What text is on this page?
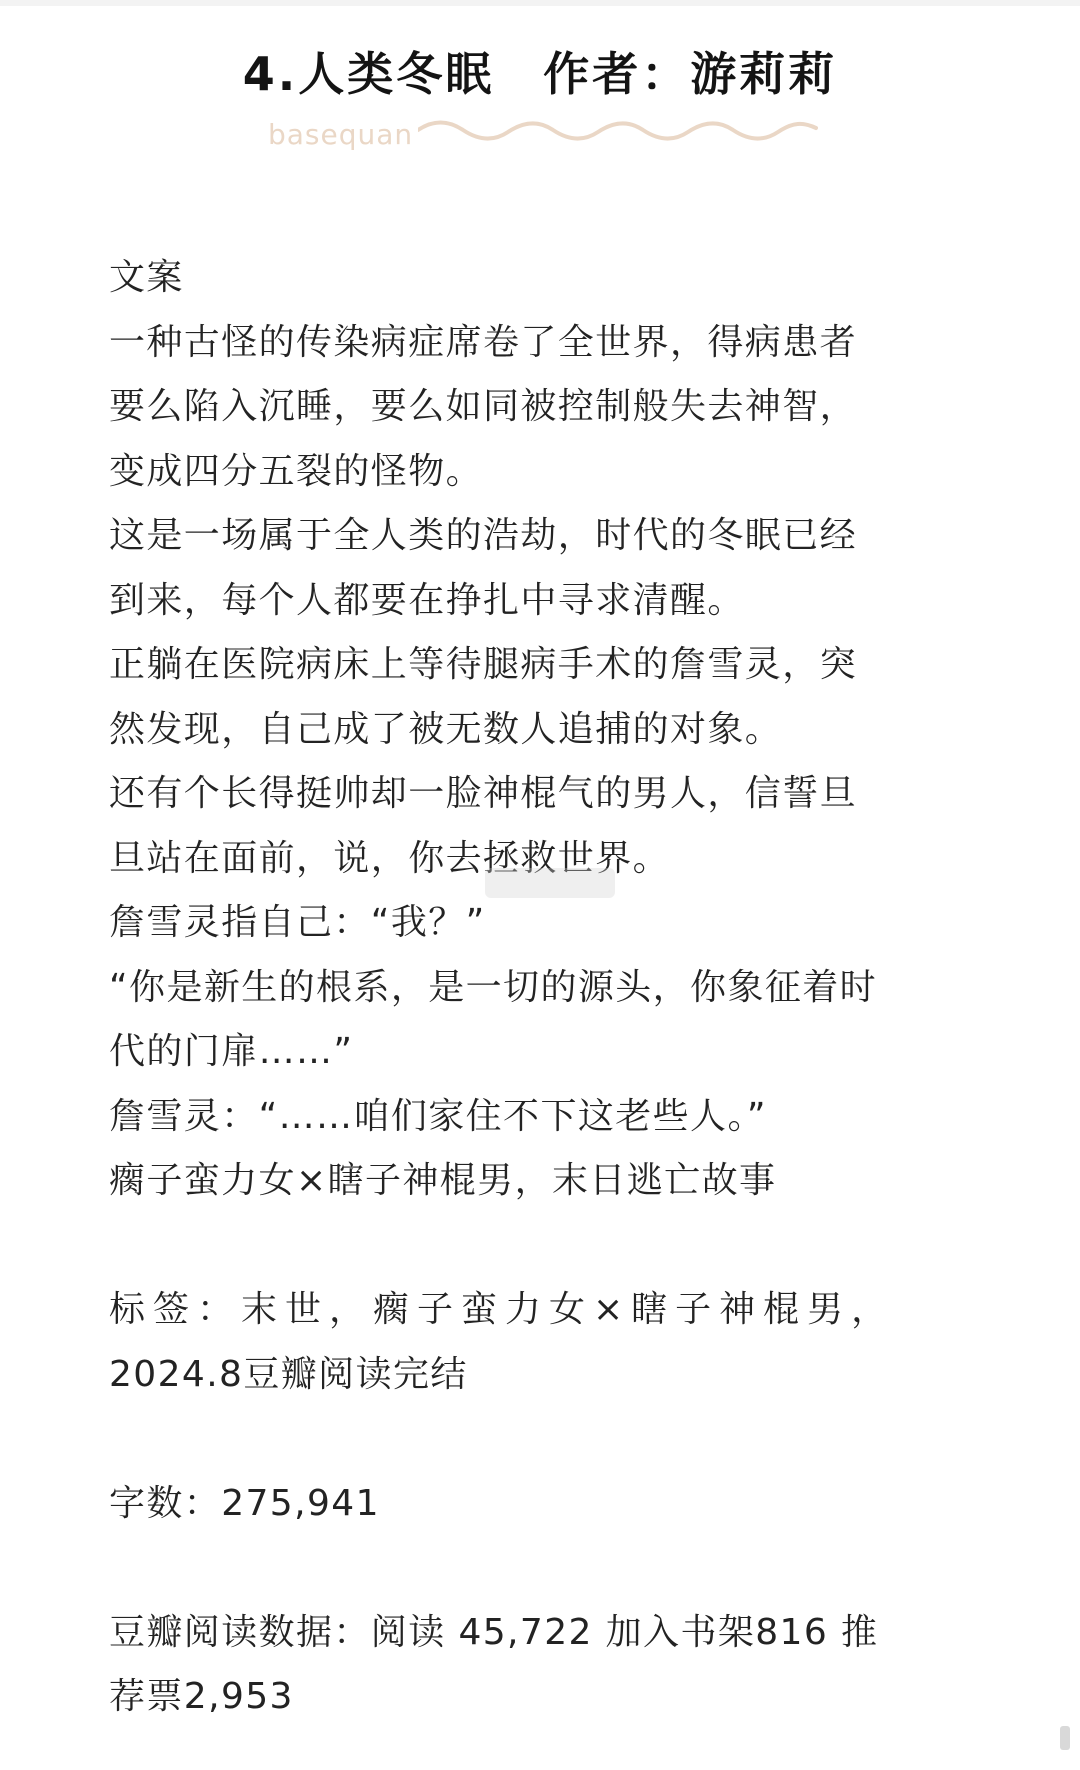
4.人类冬眠　作者：游莉莉
basequan
文案
一种古怪的传染病症席卷了全世界，得病患者
要么陷入沉睡，要么如同被控制般失去神智，
变成四分五裂的怪物。
这是一场属于全人类的浩劫，时代的冬眠已经
到来，每个人都要在挣扎中寻求清醒。
正躺在医院病床上等待腿病手术的詹雪灵，突
然发现，自己成了被无数人追捕的对象。
还有个长得挺帅却一脸神棍气的男人，信誓旦
旦站在面前，说，你去拯救世界。
詹雪灵指自己：“我？”
“你是新生的根系，是一切的源头，你象征着时
代的门扉……”
詹雪灵：“……咱们家住不下这老些人。”
瘸子蛮力女×瞎子神棍男，末日逃亡故事
标签：末世，瘸子蛮力女×瞎子神棍男，
2024.8豆瓣阅读完结
字数：275,941
豆瓣阅读数据：阅读 45,722 加入书架816 推
荐票2,953
